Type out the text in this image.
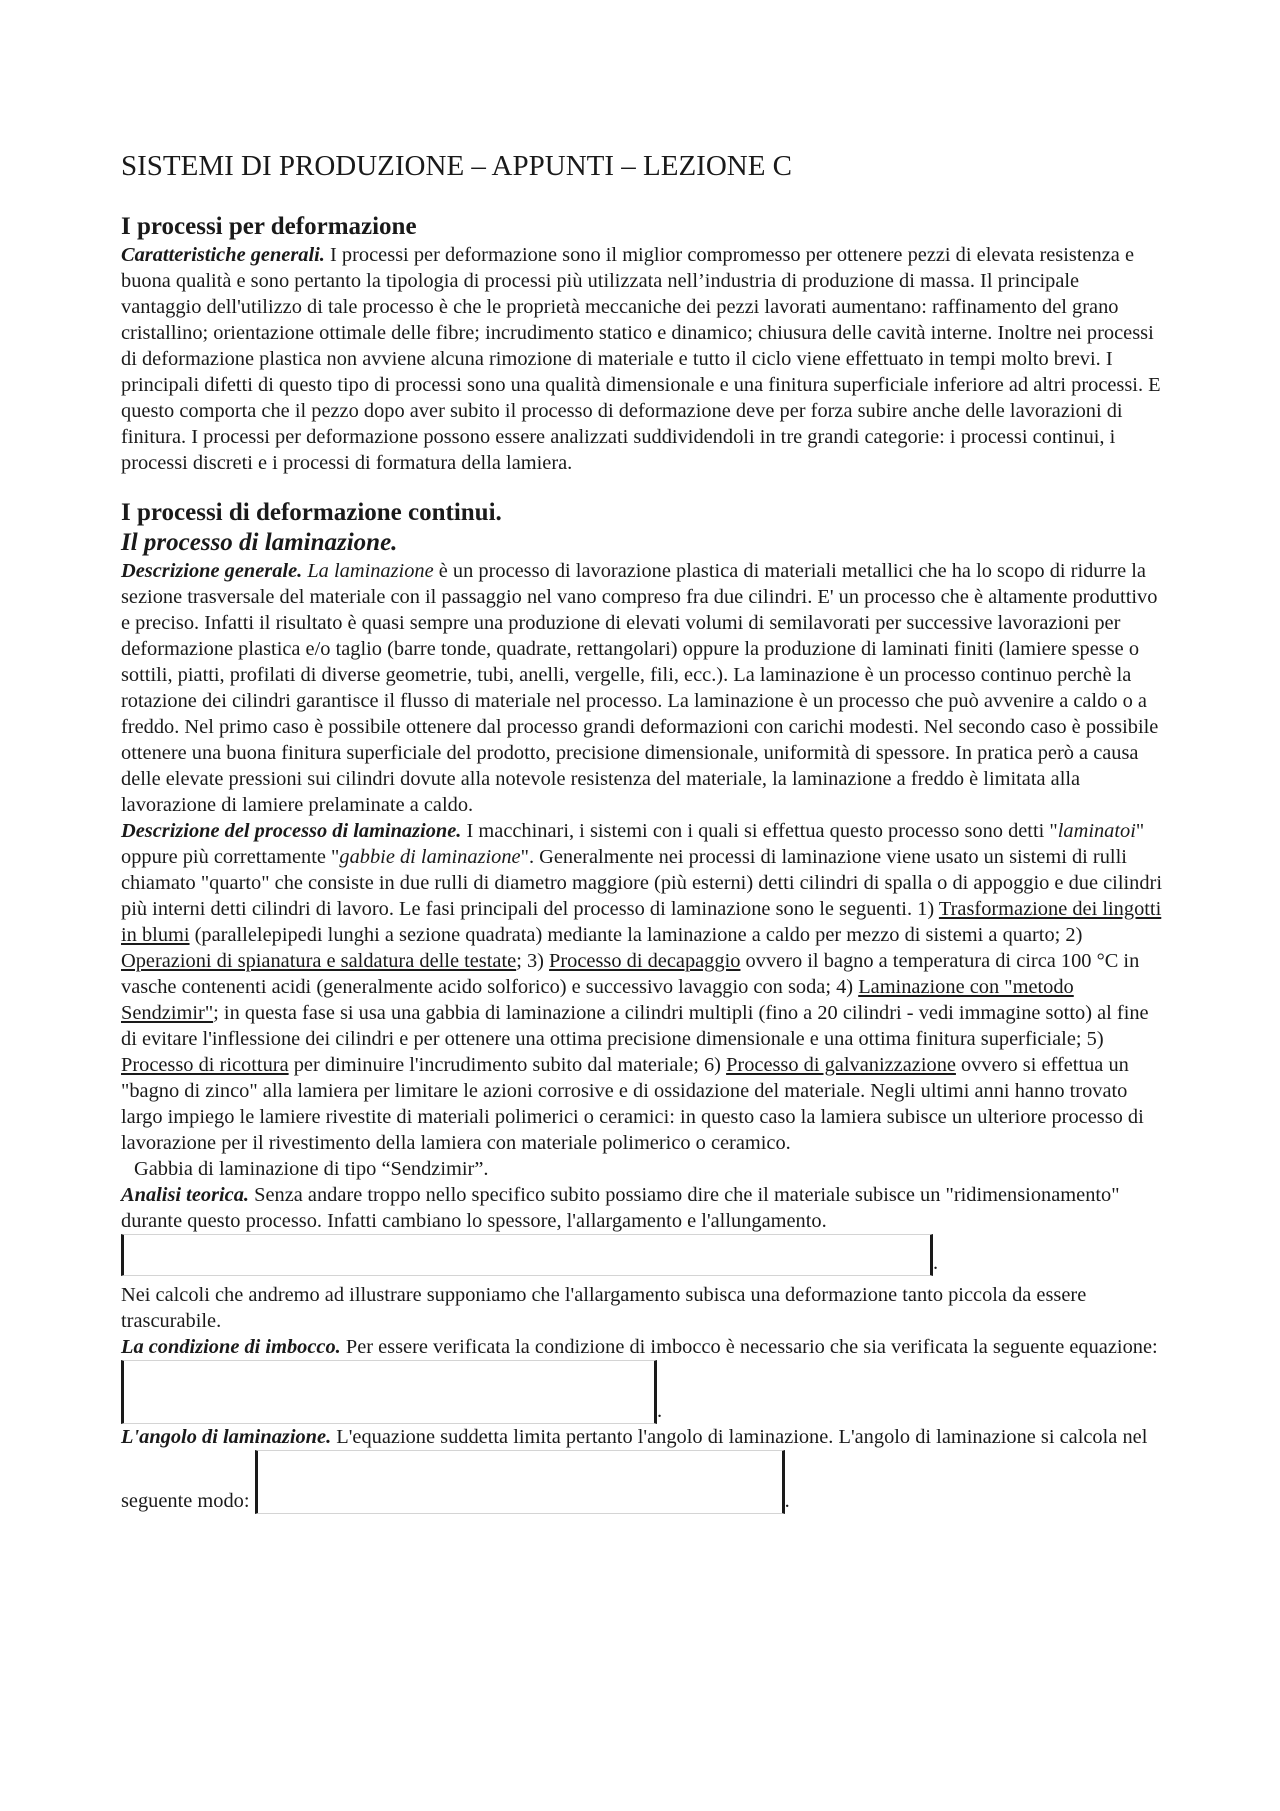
SISTEMI DI PRODUZIONE – APPUNTI – LEZIONE C
I processi per deformazione

Caratteristiche generali. I processi per deformazione sono il miglior compromesso per ottenere pezzi di elevata resistenza e buona qualità e sono pertanto la tipologia di processi più utilizzata nell’industria di produzione di massa. Il principale vantaggio dell'utilizzo di tale processo è che le proprietà meccaniche dei pezzi lavorati aumentano: raffinamento del grano cristallino; orientazione ottimale delle fibre; incrudimento statico e dinamico; chiusura delle cavità interne. Inoltre nei processi di deformazione plastica non avviene alcuna rimozione di materiale e tutto il ciclo viene effettuato in tempi molto brevi. I principali difetti di questo tipo di processi sono una qualità dimensionale e una finitura superficiale inferiore ad altri processi. E questo comporta che il pezzo dopo aver subito il processo di deformazione deve per forza subire anche delle lavorazioni di finitura. I processi per deformazione possono essere analizzati suddividendoli in tre grandi categorie: i processi continui, i processi discreti e i processi di formatura della lamiera.

I processi di deformazione continui.
Il processo di laminazione.

Descrizione generale. La laminazione è un processo di lavorazione plastica di materiali metallici che ha lo scopo di ridurre la sezione trasversale del materiale con il passaggio nel vano compreso fra due cilindri. E' un processo che è altamente produttivo e preciso. Infatti il risultato è quasi sempre una produzione di elevati volumi di semilavorati per successive lavorazioni per deformazione plastica e/o taglio (barre tonde, quadrate, rettangolari) oppure la produzione di laminati finiti (lamiere spesse o sottili, piatti, profilati di diverse geometrie, tubi, anelli, vergelle, fili, ecc.). La laminazione è un processo continuo perchè la rotazione dei cilindri garantisce il flusso di materiale nel processo. La laminazione è un processo che può avvenire a caldo o a freddo. Nel primo caso è possibile ottenere dal processo grandi deformazioni con carichi modesti. Nel secondo caso è possibile ottenere una buona finitura superficiale del prodotto, precisione dimensionale, uniformità di spessore. In pratica però a causa delle elevate pressioni sui cilindri dovute alla notevole resistenza del materiale, la laminazione a freddo è limitata alla lavorazione di lamiere prelaminate a caldo.

Descrizione del processo di laminazione. I macchinari, i sistemi con i quali si effettua questo processo sono detti "laminatoi" oppure più correttamente "gabbie di laminazione". Generalmente nei processi di laminazione viene usato un sistemi di rulli chiamato "quarto" che consiste in due rulli di diametro maggiore (più esterni) detti cilindri di spalla o di appoggio e due cilindri più interni detti cilindri di lavoro. Le fasi principali del processo di laminazione sono le seguenti. 1) Trasformazione dei lingotti in blumi (parallelepipedi lunghi a sezione quadrata) mediante la laminazione a caldo per mezzo di sistemi a quarto; 2) Operazioni di spianatura e saldatura delle testate; 3) Processo di decapaggio ovvero il bagno a temperatura di circa 100 °C in vasche contenenti acidi (generalmente acido solforico) e successivo lavaggio con soda; 4) Laminazione con "metodo Sendzimir"; in questa fase si usa una gabbia di laminazione a cilindri multipli (fino a 20 cilindri - vedi immagine sotto) al fine di evitare l'inflessione dei cilindri e per ottenere una ottima precisione dimensionale e una ottima finitura superficiale; 5) Processo di ricottura per diminuire l'incrudimento subito dal materiale; 6) Processo di galvanizzazione ovvero si effettua un "bagno di zinco" alla lamiera per limitare le azioni corrosive e di ossidazione del materiale. Negli ultimi anni hanno trovato largo impiego le lamiere rivestite di materiali polimerici o ceramici: in questo caso la lamiera subisce un ulteriore processo di lavorazione per il rivestimento della lamiera con materiale polimerico o ceramico.

Gabbia di laminazione di tipo “Sendzimir”.

Analisi teorica. Senza andare troppo nello specifico subito possiamo dire che il materiale subisce un "ridimensionamento" durante questo processo. Infatti cambiano lo spessore, l'allargamento e l'allungamento.

.

Nei calcoli che andremo ad illustrare supponiamo che l'allargamento subisca una deformazione tanto piccola da essere trascurabile.

La condizione di imbocco. Per essere verificata la condizione di imbocco è necessario che sia verificata la seguente equazione: .

L'angolo di laminazione. L'equazione suddetta limita pertanto l'angolo di laminazione. L'angolo di laminazione si calcola nel seguente modo:	.
